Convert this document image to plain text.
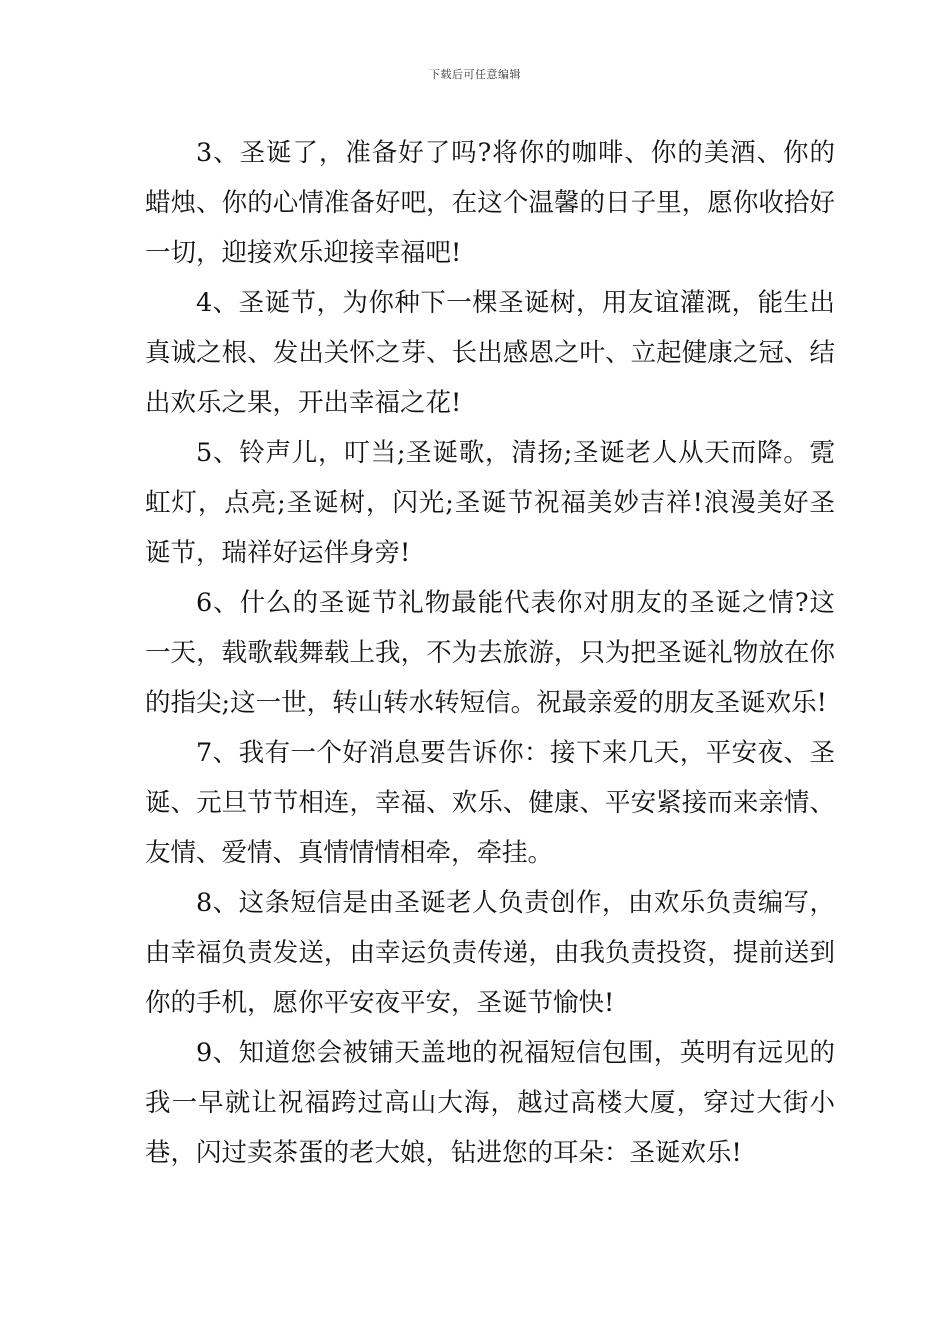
下载后可任意编辑

3、圣诞了，准备好了吗?将你的咖啡、你的美酒、你的蜡烛、你的心情准备好吧，在这个温馨的日子里，愿你收拾好一切，迎接欢乐迎接幸福吧!

4、圣诞节，为你种下一棵圣诞树，用友谊灌溉，能生出真诚之根、发出关怀之芽、长出感恩之叶、立起健康之冠、结出欢乐之果，开出幸福之花!

5、铃声儿，叮当;圣诞歌，清扬;圣诞老人从天而降。霓虹灯，点亮;圣诞树，闪光;圣诞节祝福美妙吉祥!浪漫美好圣诞节，瑞祥好运伴身旁!

6、什么的圣诞节礼物最能代表你对朋友的圣诞之情?这一天，载歌载舞载上我，不为去旅游，只为把圣诞礼物放在你的指尖;这一世，转山转水转短信。祝最亲爱的朋友圣诞欢乐!

7、我有一个好消息要告诉你：接下来几天，平安夜、圣诞、元旦节节相连，幸福、欢乐、健康、平安紧接而来亲情、友情、爱情、真情情情相牵，牵挂。

8、这条短信是由圣诞老人负责创作，由欢乐负责编写，由幸福负责发送，由幸运负责传递，由我负责投资，提前送到你的手机，愿你平安夜平安，圣诞节愉快!

9、知道您会被铺天盖地的祝福短信包围，英明有远见的我一早就让祝福跨过高山大海，越过高楼大厦，穿过大街小巷，闪过卖茶蛋的老大娘，钻进您的耳朵：圣诞欢乐!
